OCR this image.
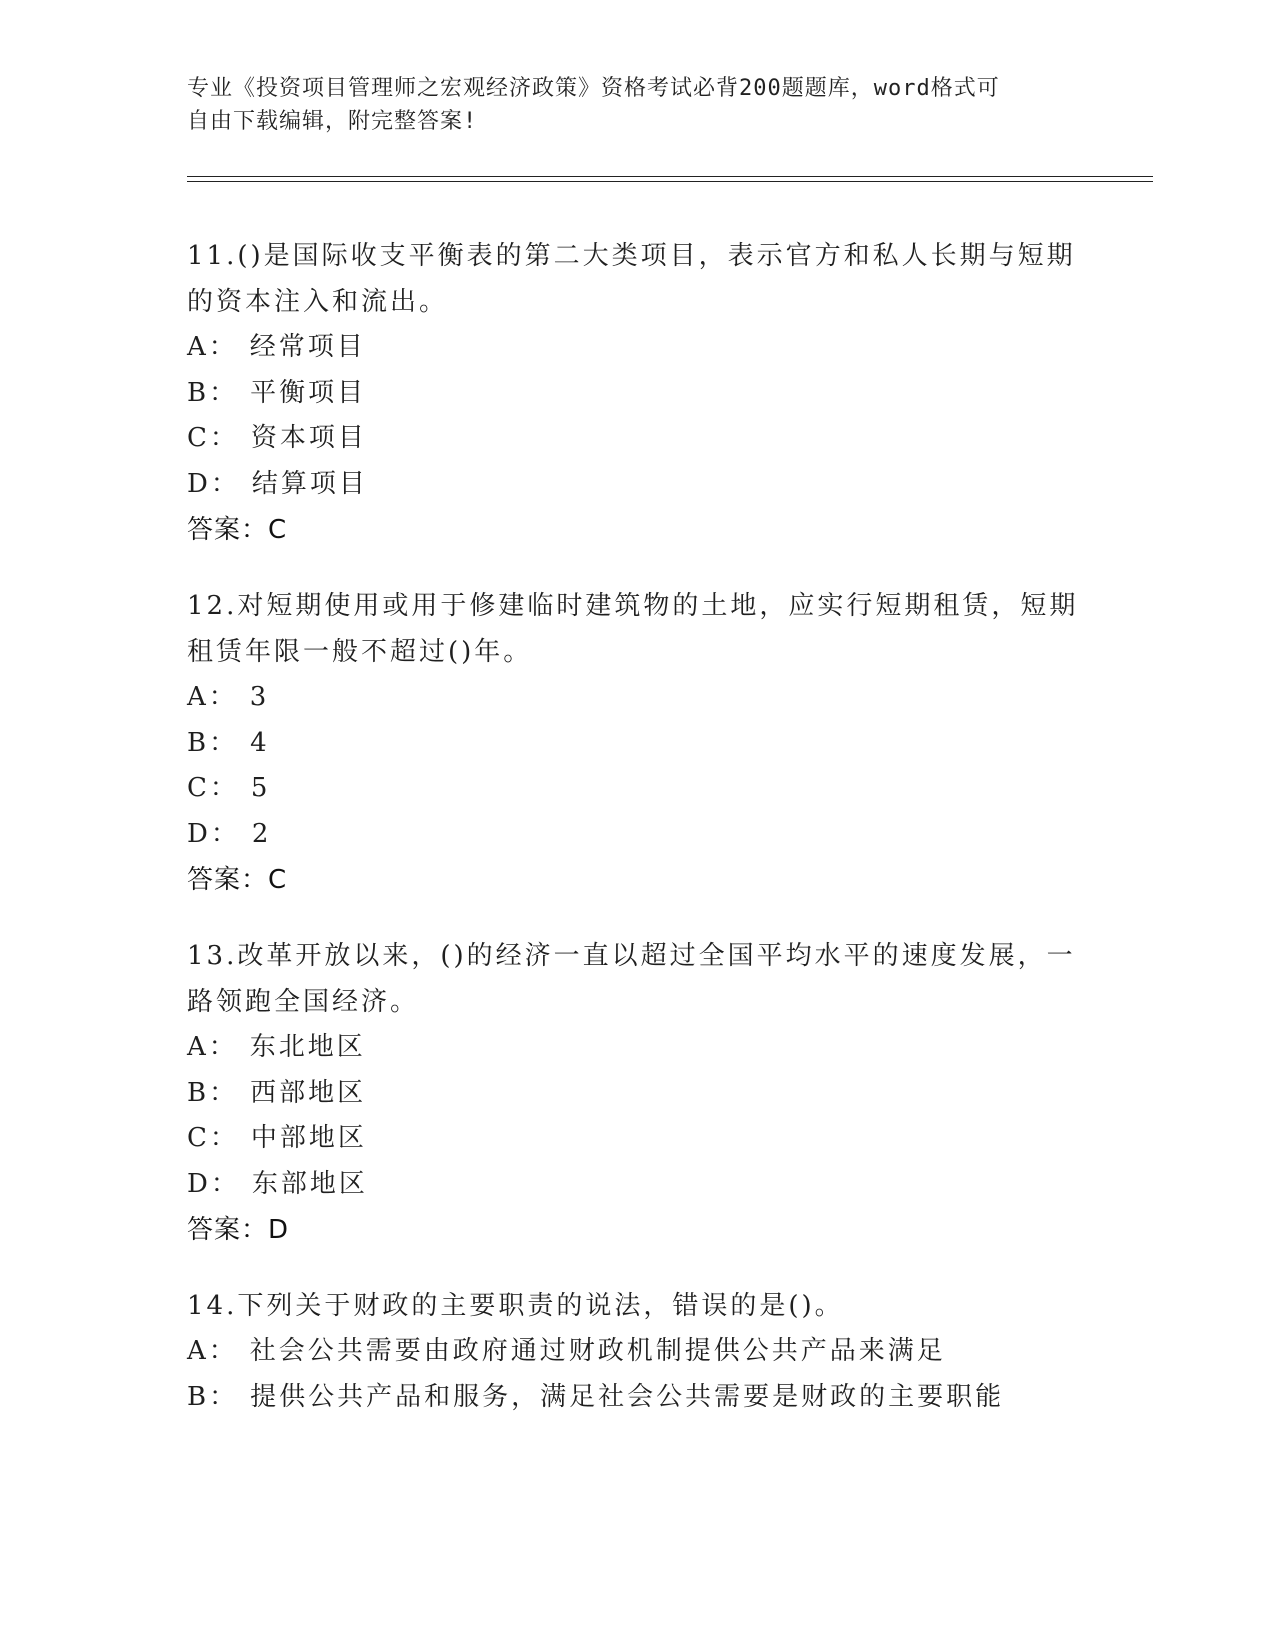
专业《投资项目管理师之宏观经济政策》资格考试必背200题题库，word格式可
自由下载编辑，附完整答案!
11.()是国际收支平衡表的第二大类项目，表示官方和私人长期与短期
的资本注入和流出。
A： 经常项目
B： 平衡项目
C： 资本项目
D： 结算项目
答案：C
12.对短期使用或用于修建临时建筑物的土地，应实行短期租赁，短期
租赁年限一般不超过()年。
A： 3
B： 4
C： 5
D： 2
答案：C
13.改革开放以来，()的经济一直以超过全国平均水平的速度发展，一
路领跑全国经济。
A： 东北地区
B： 西部地区
C： 中部地区
D： 东部地区
答案：D
14.下列关于财政的主要职责的说法，错误的是()。
A： 社会公共需要由政府通过财政机制提供公共产品来满足
B： 提供公共产品和服务，满足社会公共需要是财政的主要职能
